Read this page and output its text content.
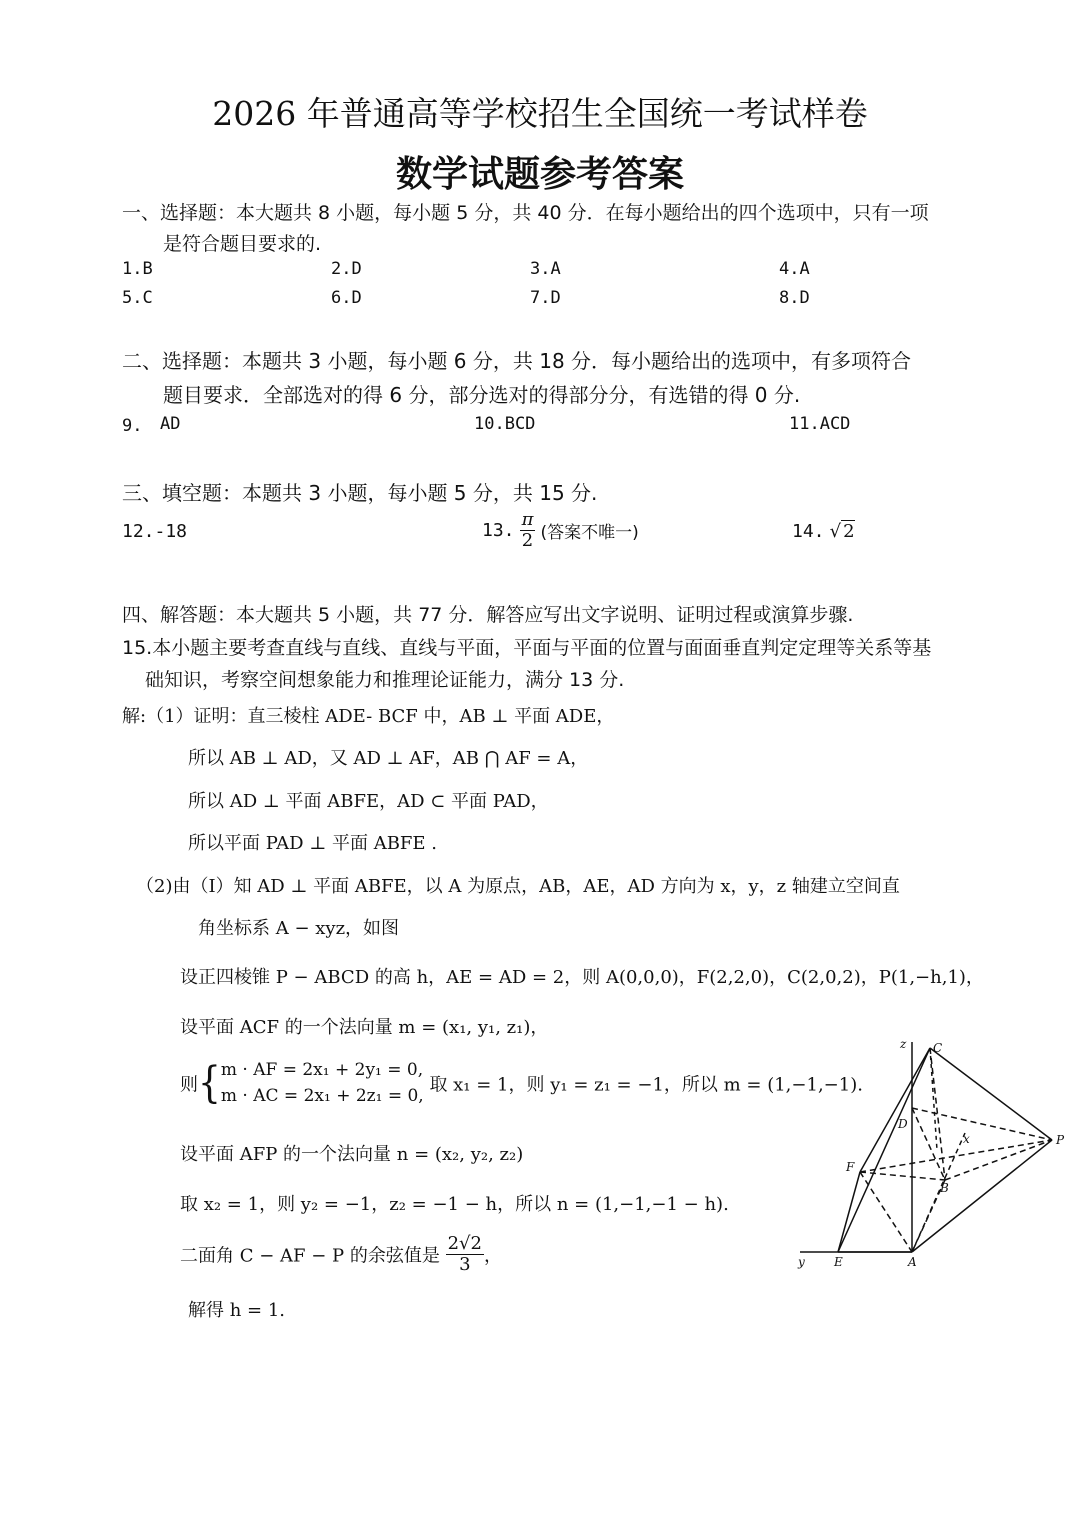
2026 年普通高等学校招生全国统一考试样卷
数学试题参考答案
一、选择题：本大题共 8 小题，每小题 5 分，共 40 分．在每小题给出的四个选项中，只有一项
是符合题目要求的.
1.B	2.D	3.A	4.A
5.C	6.D	7.D	8.D
二、选择题：本题共 3 小题，每小题 6 分，共 18 分．每小题给出的选项中，有多项符合
题目要求．全部选对的得 6 分，部分选对的得部分分，有选错的得 0 分.
9. AD	10.BCD	11.ACD
三、填空题：本题共 3 小题，每小题 5 分，共 15 分.
12.-18	13. $\frac{\pi}{2}$ (答案不唯一)	14. √ 2
四、解答题：本大题共 5 小题，共 77 分．解答应写出文字说明、证明过程或演算步骤.
15.本小题主要考查直线与直线、直线与平面，平面与平面的位置与面面垂直判定定理等关系等基
础知识，考察空间想象能力和推理论证能力，满分 13 分.
解:（1）证明：直三棱柱 ADE- BCF 中，AB ⊥ 平面 ADE，
所以 AB ⊥ AD，又 AD ⊥ AF，AB ⋂ AF = A，
所以 AD ⊥ 平面 ABFE，AD ⊂ 平面 PAD，
所以平面 PAD ⊥ 平面 ABFE .
（2)由（Ⅰ）知 AD ⊥ 平面 ABFE，以 A 为原点，AB，AE，AD 方向为 x，y，z 轴建立空间直
角坐标系 A − xyz，如图
设正四棱锥 P − ABCD 的高 h，AE = AD = 2，则 A(0,0,0)，F(2,2,0)，C(2,0,2)，P(1,−h,1)，
设平面 ACF 的一个法向量 m = (x₁, y₁, z₁)，
则{ m · AF = 2x₁ + 2y₁ = 0,
m · AC = 2x₁ + 2z₁ = 0, 取 x₁ = 1，则 y₁ = z₁ = −1，所以 m = (1,−1,−1).
设平面 AFP 的一个法向量 n = (x₂, y₂, z₂)
取 x₂ = 1，则 y₂ = −1，z₂ = −1 − h，所以 n = (1,−1,−1 − h).
二面角 C − AF − P 的余弦值是 $\frac{2√2}{3}$ ，
解得 h = 1.
z
y
x
C
D
F
B
P
E	A
